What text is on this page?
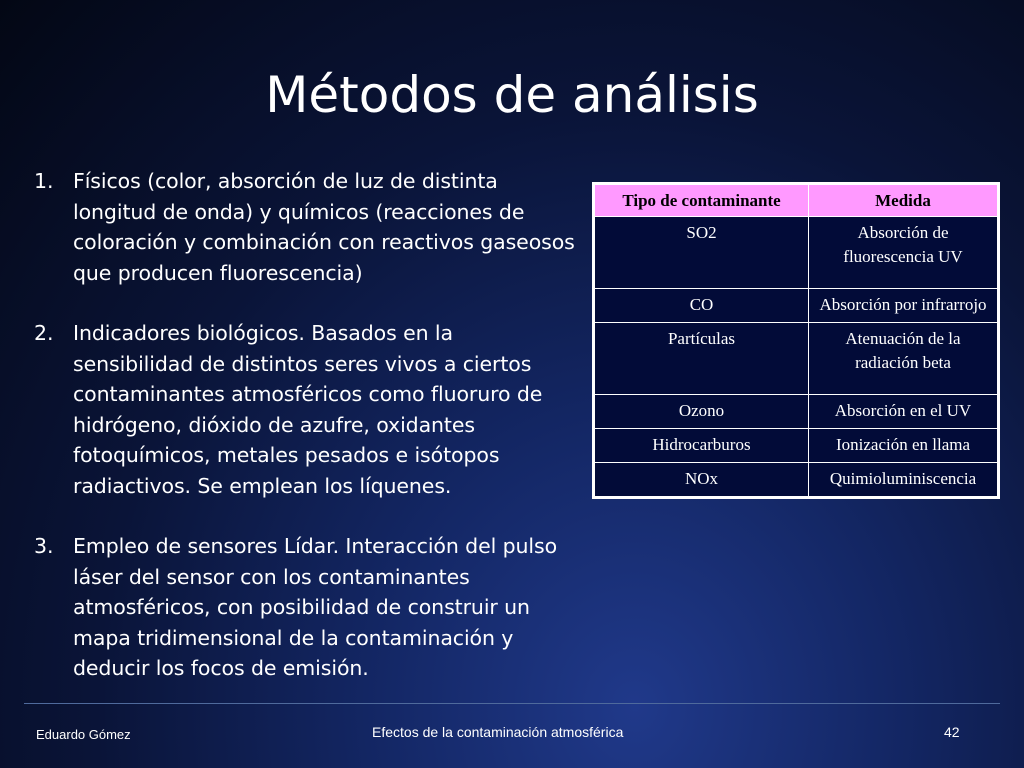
Métodos de análisis
1. Físicos (color, absorción de luz de distinta longitud de onda) y químicos (reacciones de coloración y combinación con reactivos gaseosos que producen fluorescencia)
2. Indicadores biológicos. Basados en la sensibilidad de distintos seres vivos a ciertos contaminantes atmosféricos como fluoruro de hidrógeno, dióxido de azufre, oxidantes fotoquímicos, metales pesados e isótopos radiactivos. Se emplean los líquenes.
3. Empleo de sensores Lídar. Interacción del pulso láser del sensor con los contaminantes atmosféricos, con posibilidad de construir un mapa tridimensional de la contaminación y deducir los focos de emisión.
Tipo de contaminante	Medida
SO2	Absorción de fluorescencia UV
CO	Absorción por infrarrojo
Partículas	Atenuación de la radiación beta
Ozono	Absorción en el UV
Hidrocarburos	Ionización en llama
NOx	Quimioluminiscencia
Eduardo Gómez	Efectos de la contaminación atmosférica	42
